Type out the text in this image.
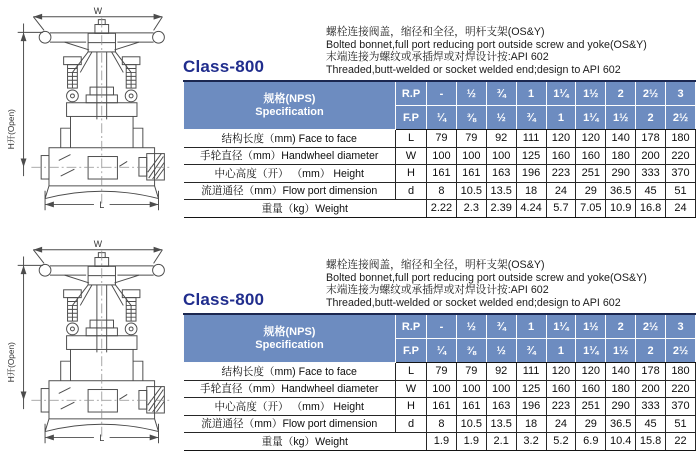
W
H开(Open)
L
Class-800
螺栓连接阀盖，缩径和全径，明杆支架(OS&Y)
Bolted bonnet,full port reducing port outside screw and yoke(OS&Y)
末端连接为螺纹或承插焊或对焊设计按:API 602
Threaded,butt-welded or socket welded end;design to API 602
规格(NPS)
Specification	R.P	-	½	¾	1	1¼	1½	2	2½	3
	F.P	¼	⅜	½	¾	1	1¼	1½	2	2½
结构长度（mm) Face to face	L	79	79	92	111	120	120	140	178	180
手轮直径（mm）Handwheel diameter	W	100	100	100	125	160	160	180	200	220
中心高度（开） （mm） Height	H	161	161	163	196	223	251	290	333	370
流道通径（mm）Flow port dimension	d	8	10.5	13.5	18	24	29	36.5	45	51
重量（kg）Weight		2.22	2.3	2.39	4.24	5.7	7.05	10.9	16.8	24
W
H开(Open)
L
Class-800
螺栓连接阀盖，缩径和全径，明杆支架(OS&Y)
Bolted bonnet,full port reducing port outside screw and yoke(OS&Y)
末端连接为螺纹或承插焊或对焊设计按:API 602
Threaded,butt-welded or socket welded end;design to API 602
规格(NPS)
Specification	R.P	-	½	¾	1	1¼	1½	2	2½	3
	F.P	¼	⅜	½	¾	1	1¼	1½	2	2½
结构长度（mm) Face to face	L	79	79	92	111	120	120	140	178	180
手轮直径（mm）Handwheel diameter	W	100	100	100	125	160	160	180	200	220
中心高度（开） （mm） Height	H	161	161	163	196	223	251	290	333	370
流道通径（mm）Flow port dimension	d	8	10.5	13.5	18	24	29	36.5	45	51
重量（kg）Weight		1.9	1.9	2.1	3.2	5.2	6.9	10.4	15.8	22
